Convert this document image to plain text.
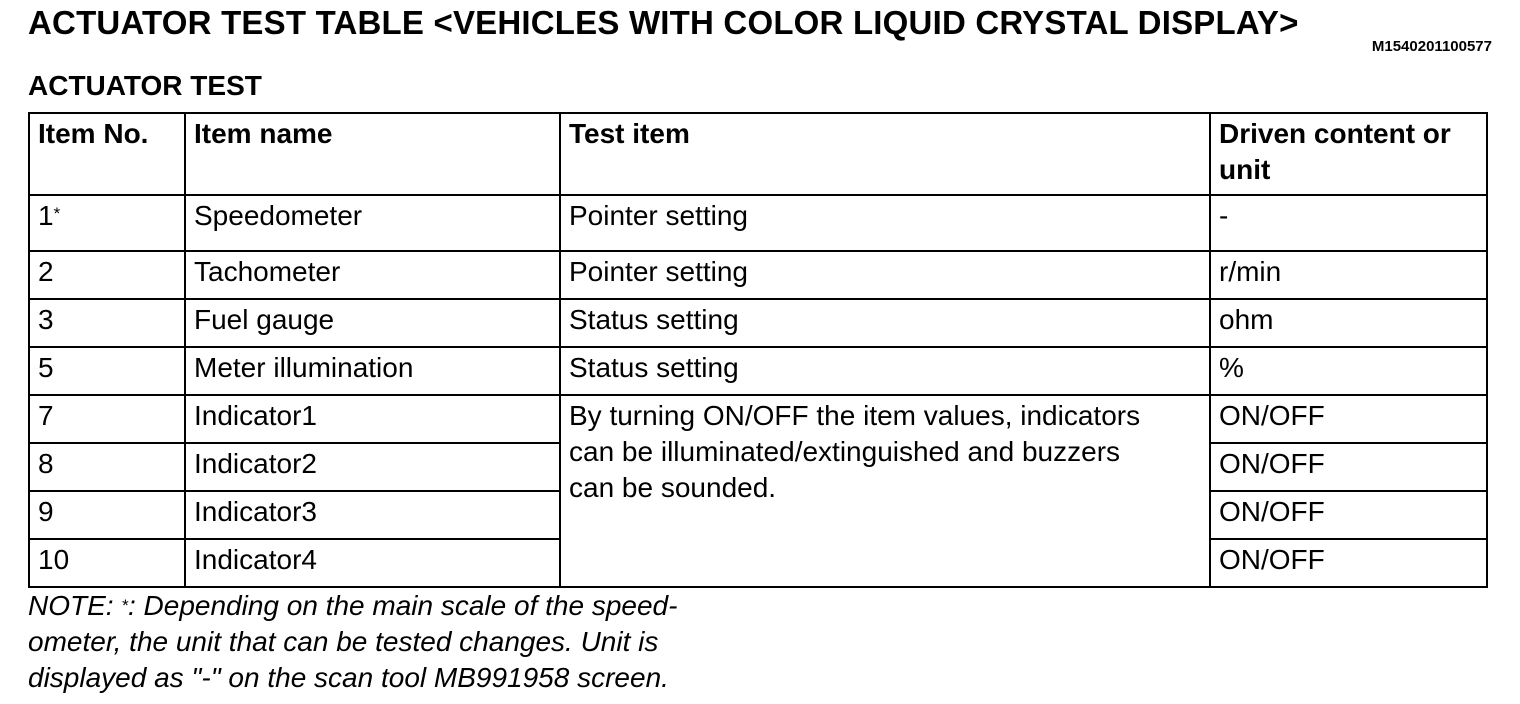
ACTUATOR TEST TABLE <VEHICLES WITH COLOR LIQUID CRYSTAL DISPLAY>
M1540201100577
ACTUATOR TEST
Item No.	Item name	Test item	Driven content or unit
1*	Speedometer	Pointer setting	-
2	Tachometer	Pointer setting	r/min
3	Fuel gauge	Status setting	ohm
5	Meter illumination	Status setting	%
7	Indicator1	By turning ON/OFF the item values, indicators
can be illuminated/extinguished and buzzers
can be sounded.	ON/OFF
8	Indicator2		ON/OFF
9	Indicator3		ON/OFF
10	Indicator4		ON/OFF
NOTE: *: Depending on the main scale of the speed-
ometer, the unit that can be tested changes. Unit is
displayed as "-" on the scan tool MB991958 screen.
